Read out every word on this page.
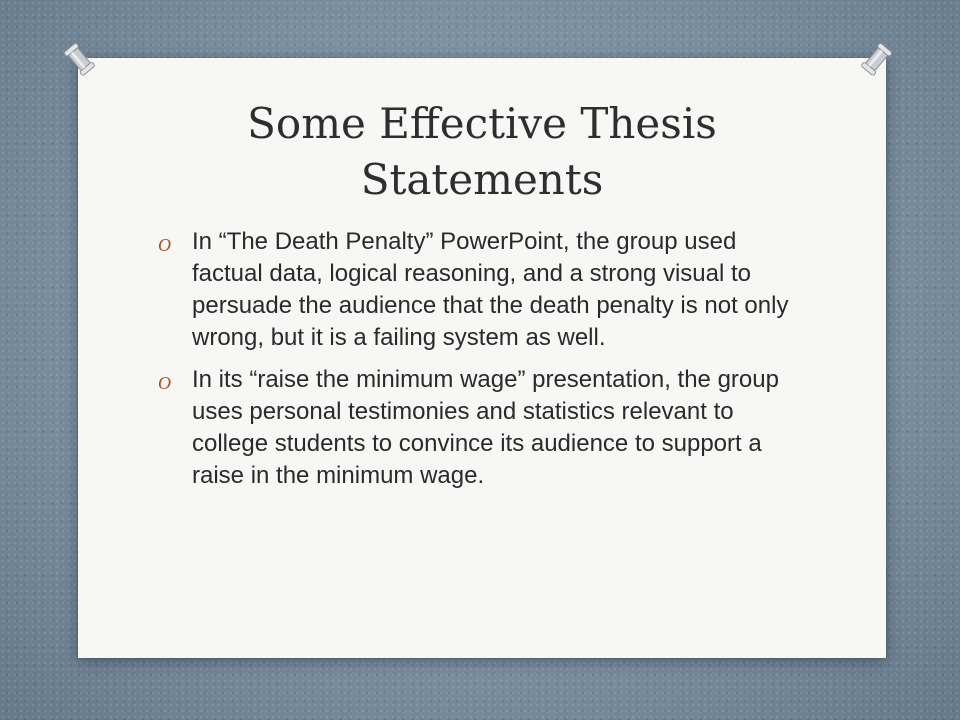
Some Effective Thesis
Statements
O In “The Death Penalty” PowerPoint, the group used factual data, logical reasoning, and a strong visual to persuade the audience that the death penalty is not only wrong, but it is a failing system as well.
O In its “raise the minimum wage” presentation, the group uses personal testimonies and statistics relevant to college students to convince its audience to support a raise in the minimum wage.
